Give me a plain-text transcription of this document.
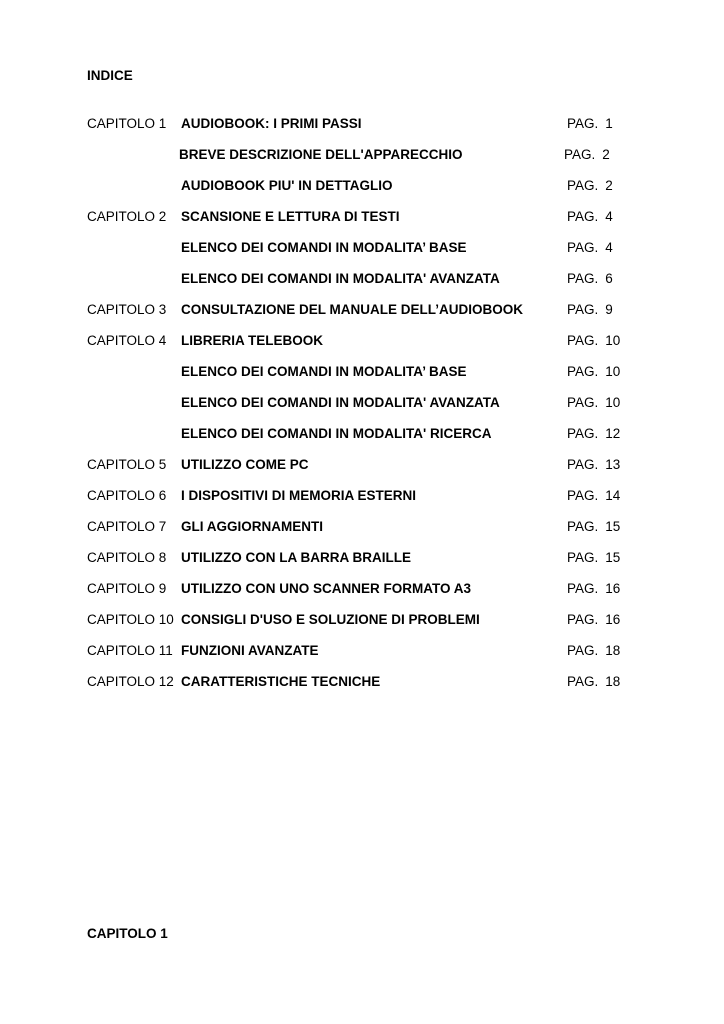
INDICE
CAPITOLO 1 AUDIOBOOK: I PRIMI PASSI	PAG. 1
BREVE DESCRIZIONE DELL'APPARECCHIO	PAG. 2
AUDIOBOOK PIU' IN DETTAGLIO	PAG. 2
CAPITOLO 2 SCANSIONE E LETTURA DI TESTI	PAG. 4
ELENCO DEI COMANDI IN MODALITA’ BASE	PAG. 4
ELENCO DEI COMANDI IN MODALITA' AVANZATA	PAG. 6
CAPITOLO 3 CONSULTAZIONE DEL MANUALE DELL’AUDIOBOOK	PAG. 9
CAPITOLO 4 LIBRERIA TELEBOOK	PAG. 10
ELENCO DEI COMANDI IN MODALITA’ BASE	PAG. 10
ELENCO DEI COMANDI IN MODALITA' AVANZATA	PAG. 10
ELENCO DEI COMANDI IN MODALITA' RICERCA	PAG. 12
CAPITOLO 5 UTILIZZO COME PC	PAG. 13
CAPITOLO 6 I DISPOSITIVI DI MEMORIA ESTERNI	PAG. 14
CAPITOLO 7 GLI AGGIORNAMENTI	PAG. 15
CAPITOLO 8 UTILIZZO CON LA BARRA BRAILLE	PAG. 15
CAPITOLO 9 UTILIZZO CON UNO SCANNER FORMATO A3	PAG. 16
CAPITOLO 10 CONSIGLI D'USO E SOLUZIONE DI PROBLEMI	PAG. 16
CAPITOLO 11 FUNZIONI AVANZATE	PAG. 18
CAPITOLO 12 CARATTERISTICHE TECNICHE	PAG. 18
CAPITOLO 1
